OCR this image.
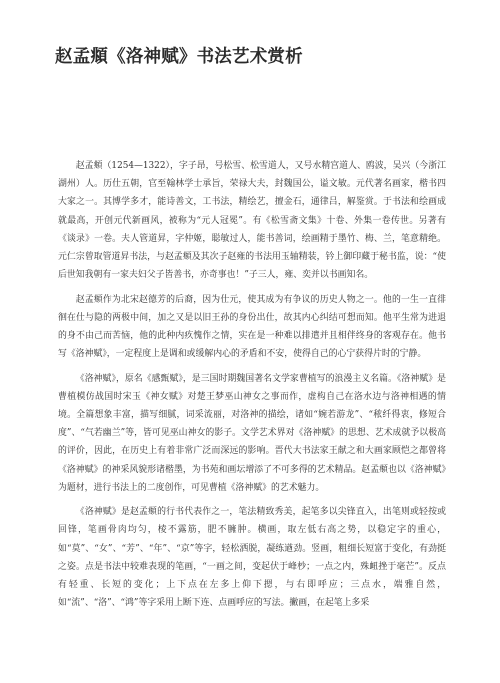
赵孟頫《洛神赋》书法艺术赏析

赵孟頫（1254—1322），字子昂，号松雪、松雪道人，又号水精宫道人、鸥波，吴兴（今浙江湖州）人。历仕五朝，官至翰林学士承旨，荣禄大夫，封魏国公，谥文敏。元代著名画家，楷书四大家之一。其博学多才，能诗善文，工书法，精绘艺，擅金石，通律吕，解鉴赏。于书法和绘画成就最高，开创元代新画风，被称为“元人冠冕”。有《松雪斋文集》十卷、外集一卷传世。另著有《谈录》一卷。夫人管道昇，字仲姬，聪敏过人，能书善词，绘画精于墨竹、梅、兰，笔意精绝。元仁宗曾取管道昇书法，与赵孟頫及其次子赵雍的书法用玉轴精装，钤上御印藏于秘书监，说：“使后世知我朝有一家夫妇父子皆善书，亦奇事也！”子三人，雍、奕并以书画知名。

赵孟頫作为北宋赵德芳的后裔，因为仕元，使其成为有争议的历史人物之一。他的一生一直徘徊在仕与隐的两极中间，加之又是以旧王孙的身份出仕，故其内心纠结可想而知。他平生常为进退的身不由己而苦恼，他的此种内疚愧作之情，实在是一种难以排遣并且相伴终身的客观存在。他书写《洛神赋》，一定程度上是调和或缓解内心的矛盾和不安，使得自己的心宁获得片时的宁静。

《洛神赋》，原名《感甄赋》，是三国时期魏国著名文学家曹植写的浪漫主义名篇。《洛神赋》是曹植模仿战国时宋玉《神女赋》对楚王梦巫山神女之事而作，虚构自己在洛水边与洛神相遇的情境。全篇想象丰富，描写细腻，词采流丽，对洛神的描绘，诸如“婉若游龙”、“秾纤得衷，修短合度”、“气若幽兰”等，皆可见巫山神女的影子。文学艺术界对《洛神赋》的思想、艺术成就予以极高的评价，因此，在历史上有着非常广泛而深远的影响。晋代大书法家王献之和大画家顾恺之都曾将《洛神赋》的神采风貌形诸楷墨，为书苑和画坛增添了不可多得的艺术精品。赵孟頫也以《洛神赋》为题材，进行书法上的二度创作，可见曹植《洛神赋》的艺术魅力。

《洛神赋》是赵孟頫的行书代表作之一，笔法精致秀美，起笔多以尖锋直入，出笔则或轻按或回锋，笔画骨肉均匀，棱不露筋，肥不臃肿。横画，取左低右高之势，以稳定字的重心，如“莫”、“女”、“芳”、“年”、“京”等字，轻松洒脱，凝练遒劲。竖画，粗细长短富于变化，有劲挺之姿。点是书法中较难表现的笔画，“一画之间，变起伏于峰杪；一点之内，殊衄挫于毫芒”。反点有轻重、长短的变化；上下点在左多上仰下摁，与右即呼应；三点水，端雅自然，如“流”、“洛”、“鸿”等字采用上断下连、点画呼应的写法。撇画，在起笔上多采
